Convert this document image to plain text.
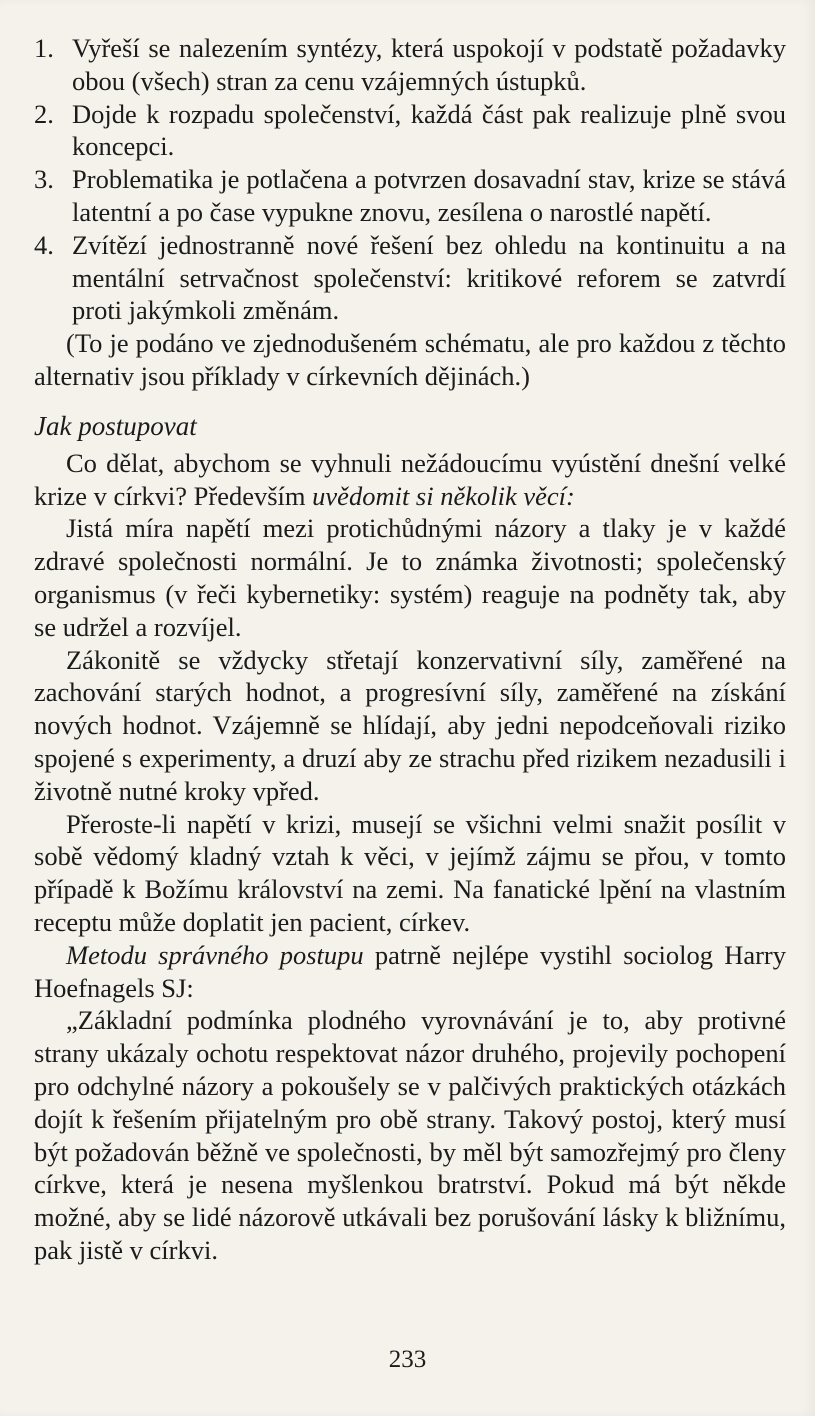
1. Vyřeší se nalezením syntézy, která uspokojí v podstatě požadavky obou (všech) stran za cenu vzájemných ústupků.
2. Dojde k rozpadu společenství, každá část pak realizuje plně svou koncepci.
3. Problematika je potlačena a potvrzen dosavadní stav, krize se stává latentní a po čase vypukne znovu, zesílena o narostlé napětí.
4. Zvítězí jednostranně nové řešení bez ohledu na kontinuitu a na mentální setrvačnost společenství: kritikové reforem se zatvrdí proti jakýmkoli změnám.

(To je podáno ve zjednodušeném schématu, ale pro každou z těchto alternativ jsou příklady v církevních dějinách.)

Jak postupovat

Co dělat, abychom se vyhnuli nežádoucímu vyústění dnešní velké krize v církvi? Především uvědomit si několik věcí:

Jistá míra napětí mezi protichůdnými názory a tlaky je v každé zdravé společnosti normální. Je to známka životnosti; společenský organismus (v řeči kybernetiky: systém) reaguje na podněty tak, aby se udržel a rozvíjel.

Zákonitě se vždycky střetají konzervativní síly, zaměřené na zachování starých hodnot, a progresívní síly, zaměřené na získání nových hodnot. Vzájemně se hlídají, aby jedni nepodceňovali riziko spojené s experimenty, a druzí aby ze strachu před rizikem nezadusili i životně nutné kroky vpřed.

Přeroste-li napětí v krizi, musejí se všichni velmi snažit posílit v sobě vědomý kladný vztah k věci, v jejímž zájmu se přou, v tomto případě k Božímu království na zemi. Na fanatické lpění na vlastním receptu může doplatit jen pacient, církev.

Metodu správného postupu patrně nejlépe vystihl sociolog Harry Hoefnagels SJ:

„Základní podmínka plodného vyrovnávání je to, aby protivné strany ukázaly ochotu respektovat názor druhého, projevily pochopení pro odchylné názory a pokoušely se v palčivých praktických otázkách dojít k řešením přijatelným pro obě strany. Takový postoj, který musí být požadován běžně ve společnosti, by měl být samozřejmý pro členy církve, která je nesena myšlenkou bratrství. Pokud má být někde možné, aby se lidé názorově utkávali bez porušování lásky k bližnímu, pak jistě v církvi.

233
